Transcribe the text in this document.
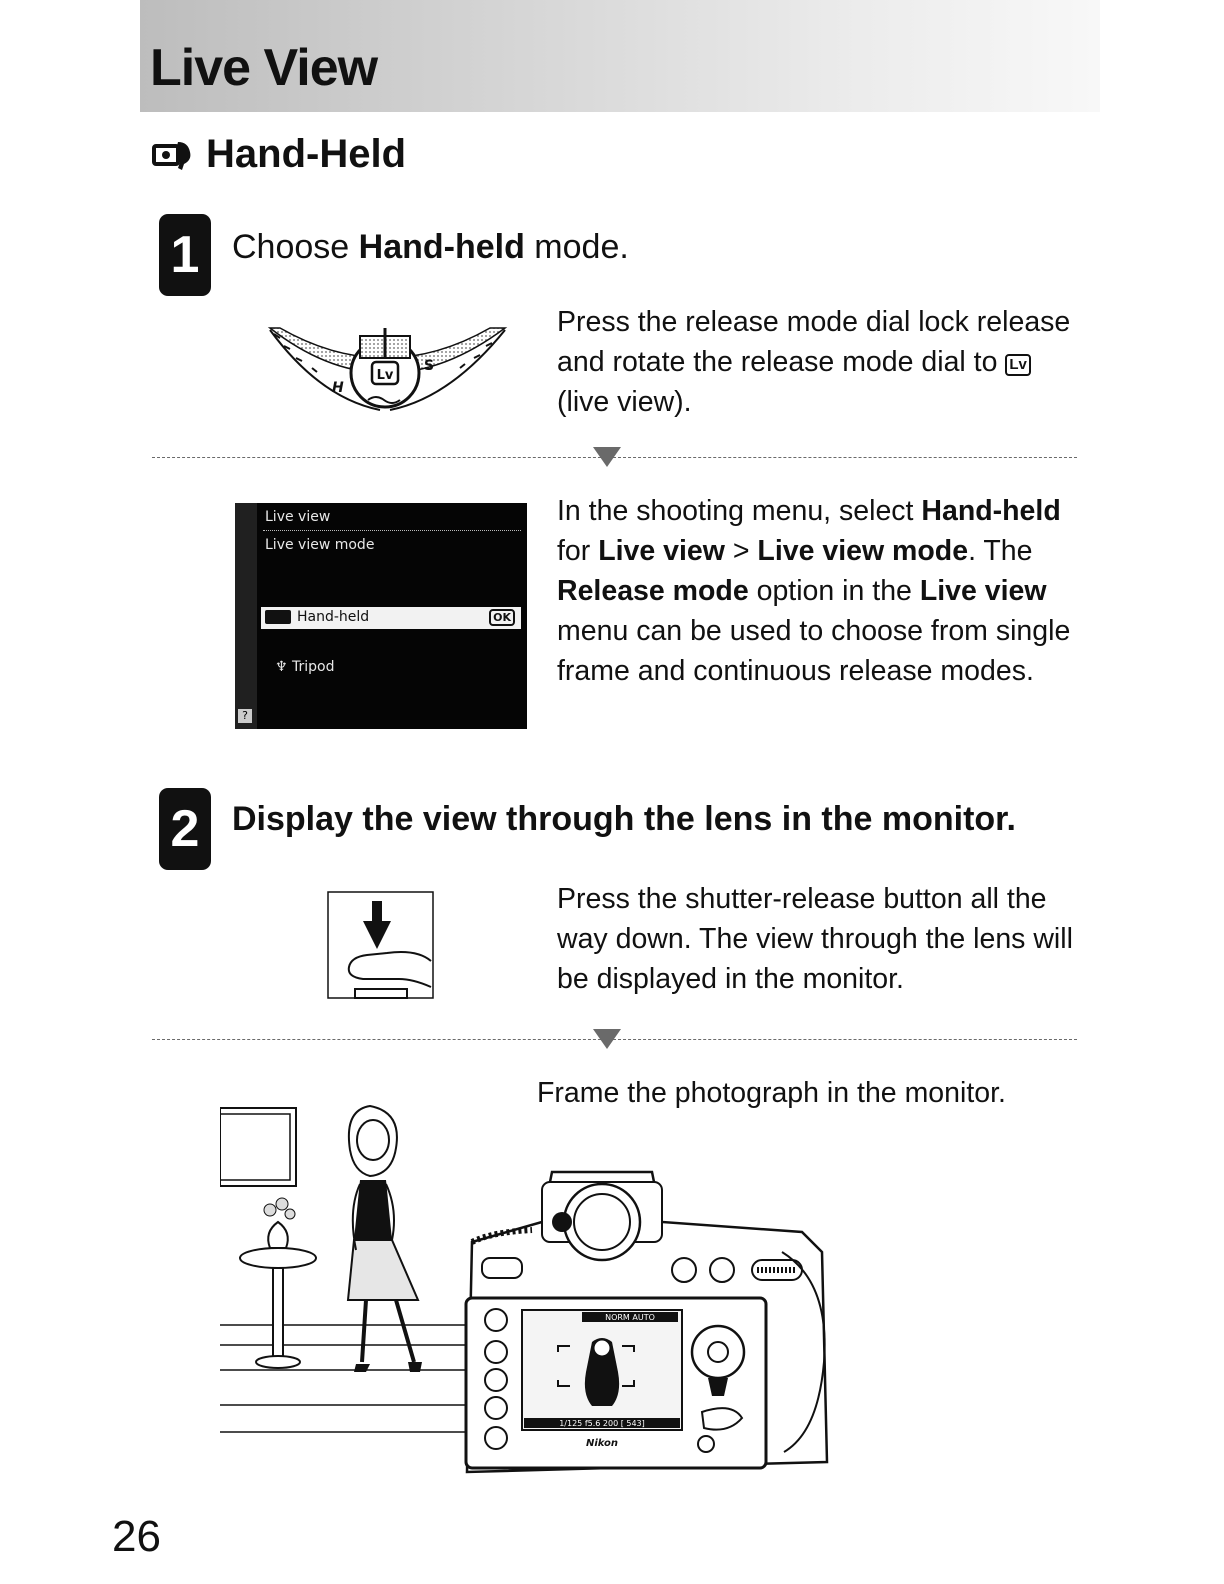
Live View
Hand-Held
1 Choose Hand-held mode.
Lv
H
S
Press the release mode dial lock release and rotate the release mode dial to Lv (live view).
Live view
Live view mode
Hand-held	OK
♆ Tripod
?
In the shooting menu, select Hand-held for Live view > Live view mode. The Release mode option in the Live view menu can be used to choose from single frame and continuous release modes.
2 Display the view through the lens in the monitor.
Press the shutter-release button all the way down. The view through the lens will be displayed in the monitor.
Frame the photograph in the monitor.
NORM AUTO
1/125 f5.6 200 [ 543]
Nikon
26
